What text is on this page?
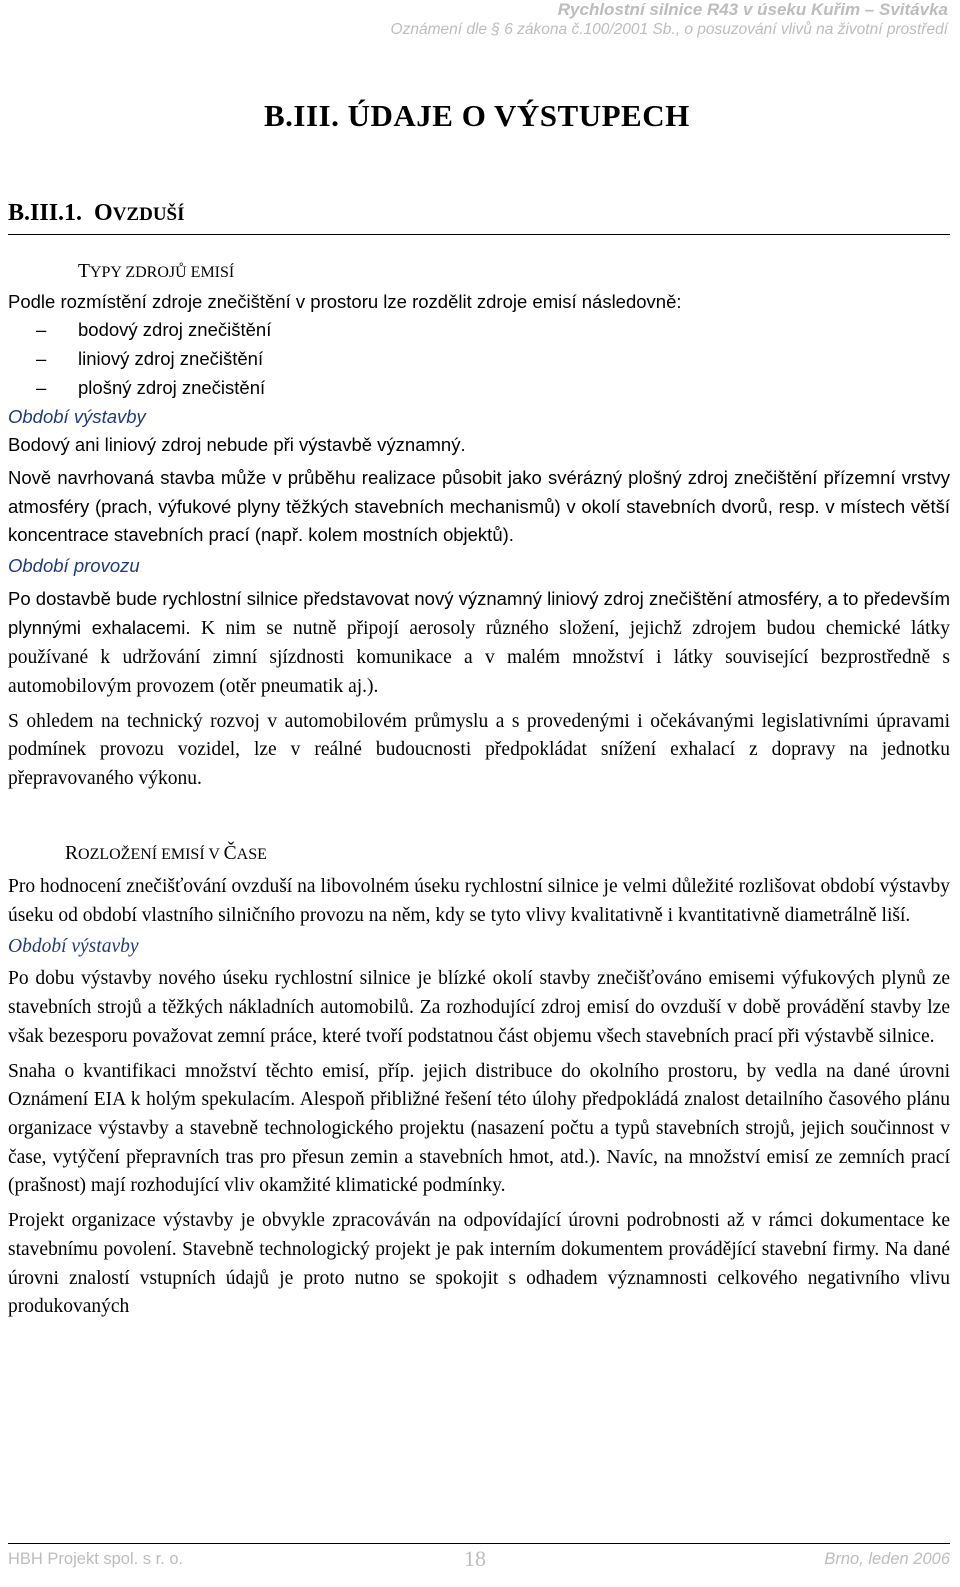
Rychlostní silnice R43 v úseku Kuřim – Svitávka
Oznámení dle § 6 zákona č.100/2001 Sb., o posuzování vlivů na životní prostředí
B.III. ÚDAJE O VÝSTUPECH
B.III.1. OVZDUŠÍ
TYPY ZDROJŮ EMISÍ

Podle rozmístění zdroje znečištění v prostoru lze rozdělit zdroje emisí následovně:

– bodový zdroj znečištění
– liniový zdroj znečištění
– plošný zdroj znečistění
Období výstavby

Bodový ani liniový zdroj nebude při výstavbě významný.

Nově navrhovaná stavba může v průběhu realizace působit jako svérázný plošný zdroj znečištění přízemní vrstvy atmosféry (prach, výfukové plyny těžkých stavebních mechanismů) v okolí stavebních dvorů, resp. v místech větší koncentrace stavebních prací (např. kolem mostních objektů).

Období provozu

Po dostavbě bude rychlostní silnice představovat nový významný liniový zdroj znečištění atmosféry, a to především plynnými exhalacemi. K nim se nutně připojí aerosoly různého složení, jejichž zdrojem budou chemické látky používané k udržování zimní sjízdnosti komunikace a v malém množství i látky související bezprostředně s automobilovým provozem (otěr pneumatik aj.).

S ohledem na technický rozvoj v automobilovém průmyslu a s provedenými i očekávanými legislativními úpravami podmínek provozu vozidel, lze v reálné budoucnosti předpokládat snížení exhalací z dopravy na jednotku přepravovaného výkonu.

ROZLOŽENÍ EMISÍ V ČASE

Pro hodnocení znečišťování ovzduší na libovolném úseku rychlostní silnice je velmi důležité rozlišovat období výstavby úseku od období vlastního silničního provozu na něm, kdy se tyto vlivy kvalitativně i kvantitativně diametrálně liší.

Období výstavby

Po dobu výstavby nového úseku rychlostní silnice je blízké okolí stavby znečišťováno emisemi výfukových plynů ze stavebních strojů a těžkých nákladních automobilů. Za rozhodující zdroj emisí do ovzduší v době provádění stavby lze však bezesporu považovat zemní práce, které tvoří podstatnou část objemu všech stavebních prací při výstavbě silnice.

Snaha o kvantifikaci množství těchto emisí, příp. jejich distribuce do okolního prostoru, by vedla na dané úrovni Oznámení EIA k holým spekulacím. Alespoň přibližné řešení této úlohy předpokládá znalost detailního časového plánu organizace výstavby a stavebně technologického projektu (nasazení počtu a typů stavebních strojů, jejich součinnost v čase, vytýčení přepravních tras pro přesun zemin a stavebních hmot, atd.). Navíc, na množství emisí ze zemních prací (prašnost) mají rozhodující vliv okamžité klimatické podmínky.

Projekt organizace výstavby je obvykle zpracováván na odpovídající úrovni podrobnosti až v rámci dokumentace ke stavebnímu povolení. Stavebně technologický projekt je pak interním dokumentem provádějící stavební firmy. Na dané úrovni znalostí vstupních údajů je proto nutno se spokojit s odhadem významnosti celkového negativního vlivu produkovaných

HBH Projekt spol. s r. o.	18	Brno, leden 2006
